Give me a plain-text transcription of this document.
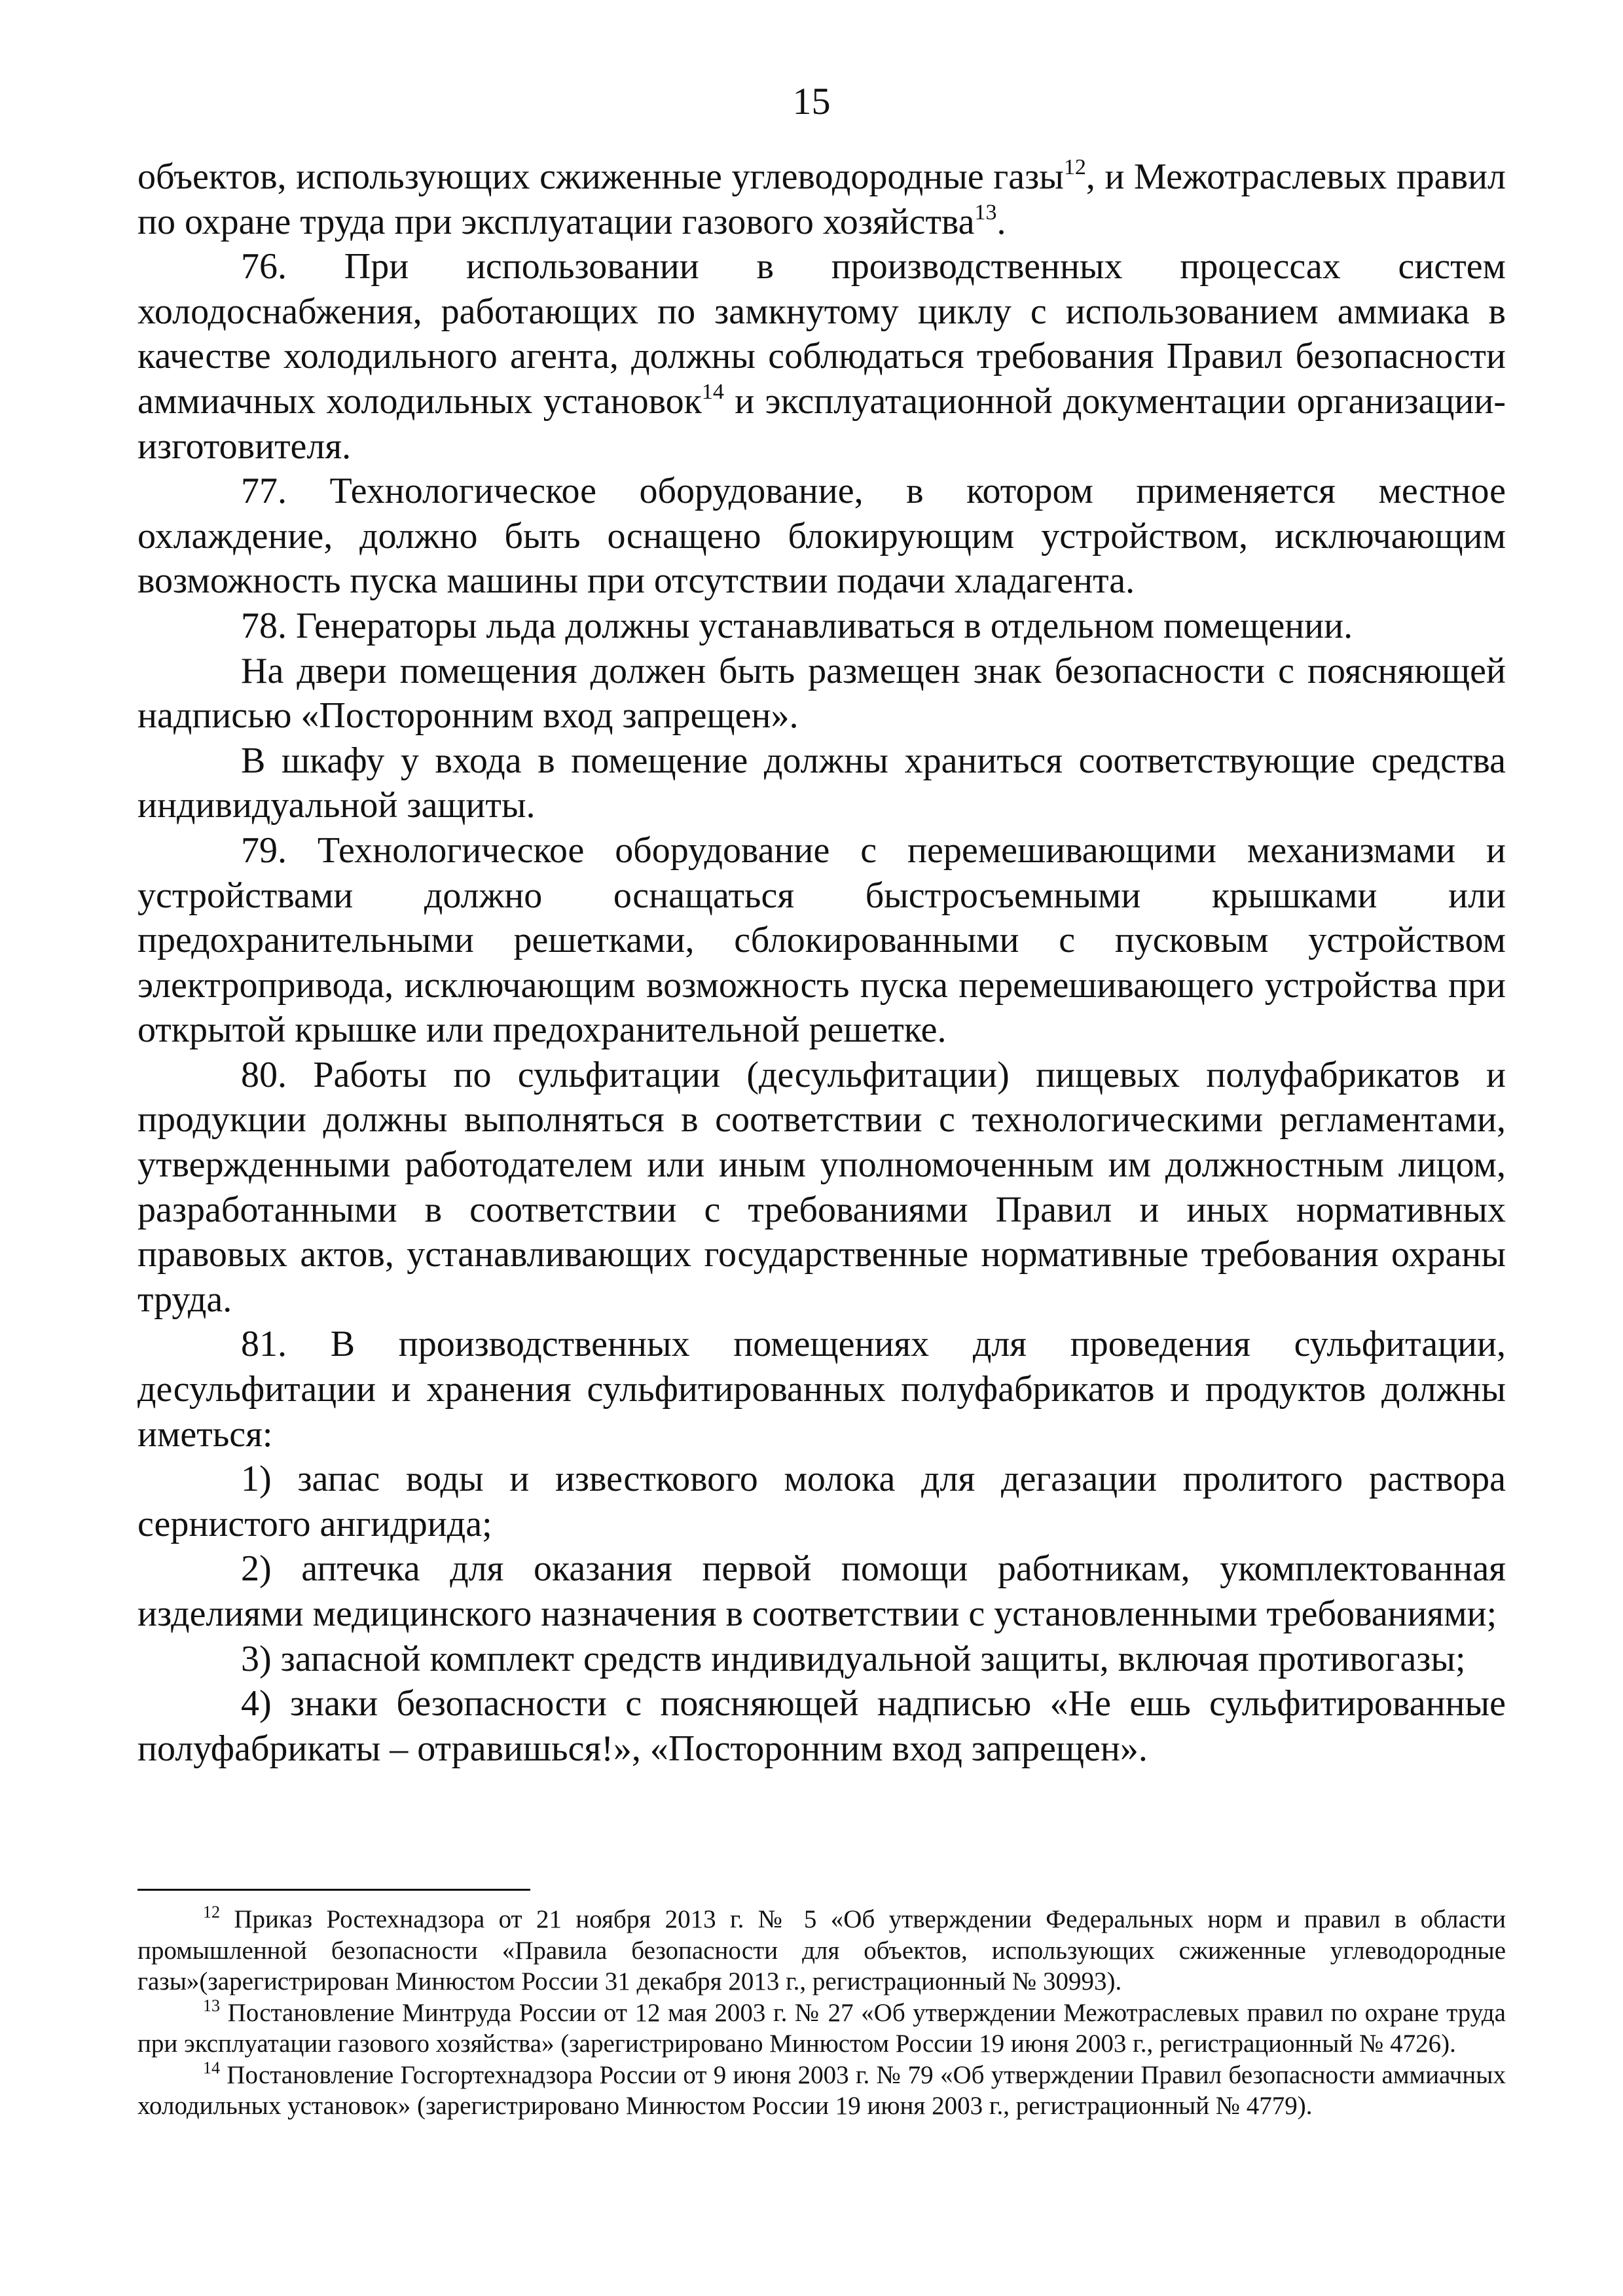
15

объектов, использующих сжиженные углеводородные газы$^{12}$, и Межотраслевых правил по охране труда при эксплуатации газового хозяйства$^{13}$.

76. При использовании в производственных процессах систем холодоснабжения, работающих по замкнутому циклу с использованием аммиака в качестве холодильного агента, должны соблюдаться требования Правил безопасности аммиачных холодильных установок$^{14}$ и эксплуатационной документации организации-изготовителя.

77. Технологическое оборудование, в котором применяется местное охлаждение, должно быть оснащено блокирующим устройством, исключающим возможность пуска машины при отсутствии подачи хладагента.

78. Генераторы льда должны устанавливаться в отдельном помещении.

На двери помещения должен быть размещен знак безопасности с поясняющей надписью «Посторонним вход запрещен».

В шкафу у входа в помещение должны храниться соответствующие средства индивидуальной защиты.

79. Технологическое оборудование с перемешивающими механизмами и устройствами должно оснащаться быстросъемными крышками или предохранительными решетками, сблокированными с пусковым устройством электропривода, исключающим возможность пуска перемешивающего устройства при открытой крышке или предохранительной решетке.

80. Работы по сульфитации (десульфитации) пищевых полуфабрикатов и продукции должны выполняться в соответствии с технологическими регламентами, утвержденными работодателем или иным уполномоченным им должностным лицом, разработанными в соответствии с требованиями Правил и иных нормативных правовых актов, устанавливающих государственные нормативные требования охраны труда.

81. В производственных помещениях для проведения сульфитации, десульфитации и хранения сульфитированных полуфабрикатов и продуктов должны иметься:

1) запас воды и известкового молока для дегазации пролитого раствора сернистого ангидрида;

2) аптечка для оказания первой помощи работникам, укомплектованная изделиями медицинского назначения в соответствии с установленными требованиями;

3) запасной комплект средств индивидуальной защиты, включая противогазы;

4) знаки безопасности с поясняющей надписью «Не ешь сульфитированные полуфабрикаты – отравишься!», «Посторонним вход запрещен».

$^{12}$ Приказ Ростехнадзора от 21 ноября 2013 г. № 5 «Об утверждении Федеральных норм и правил в области промышленной безопасности «Правила безопасности для объектов, использующих сжиженные углеводородные газы»(зарегистрирован Минюстом России 31 декабря 2013 г., регистрационный № 30993).

$^{13}$ Постановление Минтруда России от 12 мая 2003 г. № 27 «Об утверждении Межотраслевых правил по охране труда при эксплуатации газового хозяйства» (зарегистрировано Минюстом России 19 июня 2003 г., регистрационный № 4726).

$^{14}$ Постановление Госгортехнадзора России от 9 июня 2003 г. № 79 «Об утверждении Правил безопасности аммиачных холодильных установок» (зарегистрировано Минюстом России 19 июня 2003 г., регистрационный № 4779).
